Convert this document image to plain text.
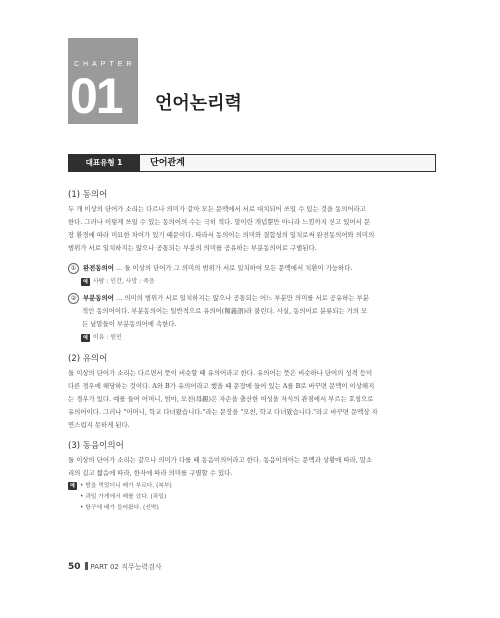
CHAPTER
01 언어논리력
대표유형 1	단어관계
(1) 동의어
두 개 이상의 단어가 소리는 다르나 의미가 같아 모든 문맥에서 서로 대치되어 쓰일 수 있는 것을 동의어라고
한다. 그러나 이렇게 쓰일 수 있는 동의어의 수는 극히 적다. 말이란 개념뿐만 아니라 느낌까지 싣고 있어서 문
장 환경에 따라 미묘한 차이가 있기 때문이다. 따라서 동의어는 의미와 결합성의 일치로써 완전동의어와 의미의
범위가 서로 일치하지는 않으나 공통되는 부분의 의미를 공유하는 부분동의어로 구별된다.
① 완전동의어 … 둘 이상의 단어가 그 의미의 범위가 서로 일치하여 모든 문맥에서 치환이 가능하다.
예 사람 : 인간, 사망 : 죽음
② 부분동의어 … 의미의 범위가 서로 일치하지는 않으나 공통되는 어느 부분만 의미를 서로 공유하는 부분
적인 동의어이다. 부분동의어는 일반적으로 유의어(類義語)라 불린다. 사실, 동의어로 분류되는 거의 모
든 낱말들이 부분동의어에 속한다.
예 이유 : 원인
(2) 유의어
둘 이상의 단어가 소리는 다르면서 뜻이 비슷할 때 유의어라고 한다. 유의어는 뜻은 비슷하나 단어의 성격 등이
다른 경우에 해당하는 것이다. A와 B가 유의어라고 했을 때 문장에 들어 있는 A를 B로 바꾸면 문맥이 이상해지
는 경우가 있다. 예를 들어 어머니, 엄마, 모친(母親)은 자손을 출산한 여성을 자식의 관점에서 부르는 호칭으로
유의어이다. 그러나 "어머니, 학교 다녀왔습니다."라는 문장을 "모친, 학교 다녀왔습니다."라고 바꾸면 문맥상 자
연스럽지 못하게 된다.
(3) 동음이의어
둘 이상의 단어가 소리는 같으나 의미가 다를 때 동음이의어라고 한다. 동음이의어는 문맥과 상황에 따라, 말소
리의 길고 짧음에 따라, 한자에 따라 의미를 구별할 수 있다.
예
•	밤을 먹었더니 배가 부르다. (복부)
• 과일 가게에서 배를 샀다. (과일)
• 항구에 배가 들어왔다. (선박)
50 PART 02 직무능력검사
